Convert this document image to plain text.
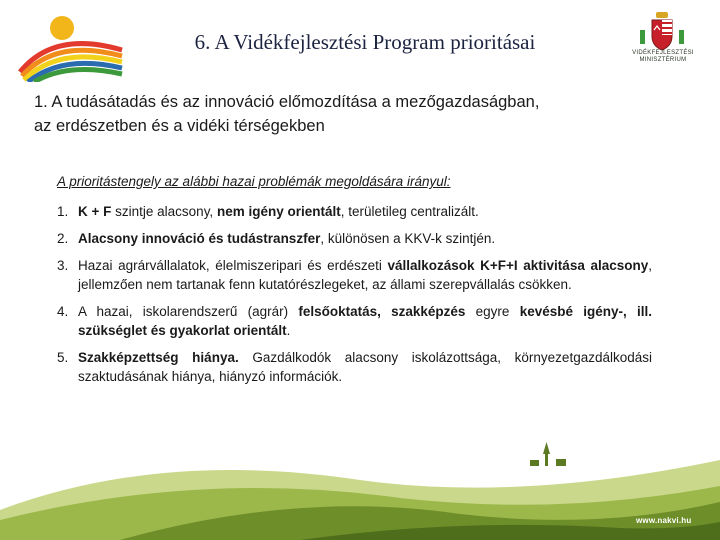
6. A Vidékfejlesztési Program prioritásai	VIDÉKFEJLESZTÉSI MINISZTÉRIUM
1. A tudásátadás és az innováció előmozdítása a mezőgazdaságban,
az erdészetben és a vidéki térségekben
A prioritástengely az alábbi hazai problémák megoldására irányul:
1. K + F szintje alacsony, nem igény orientált, területileg centralizált.
2. Alacsony innováció és tudástranszfer, különösen a KKV-k szintjén.
3. Hazai agrárvállalatok, élelmiszeripari és erdészeti vállalkozások K+F+I aktivitása alacsony, jellemzően nem tartanak fenn kutatórészlegeket, az állami szerepvállalás csökken.
4. A hazai, iskolarendszerű (agrár) felsőoktatás, szakképzés egyre kevésbé igény-, ill. szükséglet és gyakorlat orientált.
5. Szakképzettség hiánya. Gazdálkodók alacsony iskolázottsága, környezetgazdálkodási szaktudásának hiánya, hiányzó információk.
www.nakvi.hu
